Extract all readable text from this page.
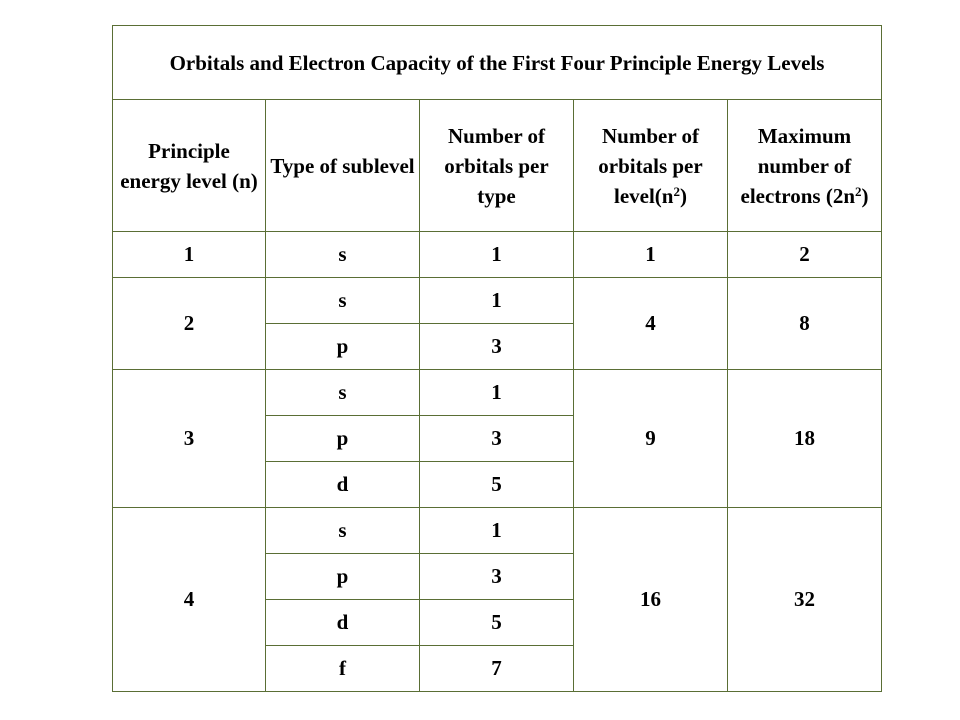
Orbitals and Electron Capacity of the First Four Principle Energy Levels				
Principle energy level (n)	Type of sublevel	Number of orbitals per type	Number of orbitals per $level(n^2)$	Maximum number of electrons $(2n^2)$
1	s	1	1	2
2	s	1	4	8
	p	3		
3	s	1	9	18
	p	3		
	d	5		
4	s	1	16	32
	p	3		
	d	5		
	f	7		
